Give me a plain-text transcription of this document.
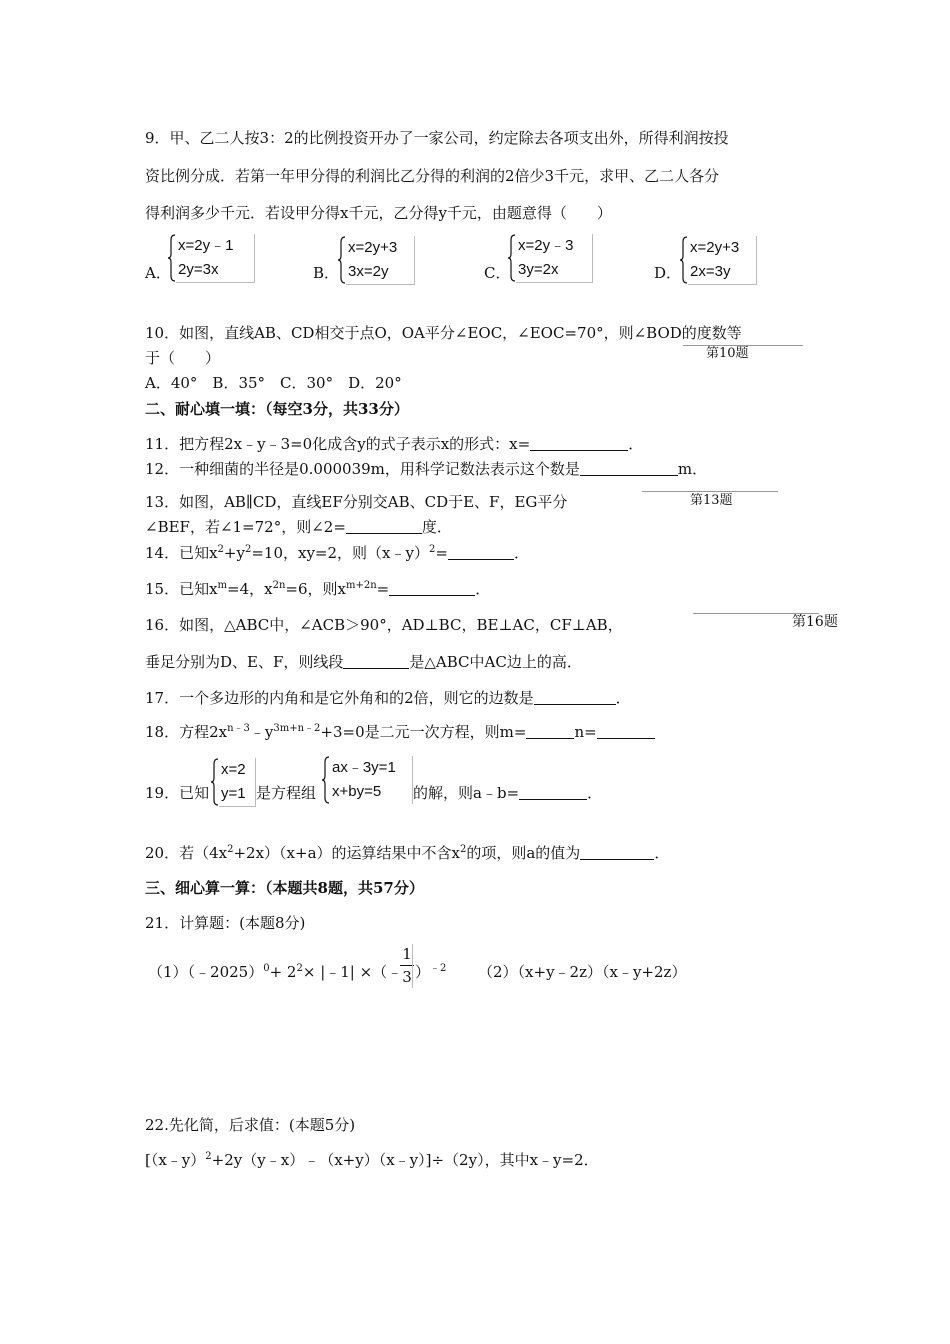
9．甲、乙二人按3：2的比例投资开办了一家公司，约定除去各项支出外，所得利润按投
资比例分成．若第一年甲分得的利润比乙分得的利润的2倍少3千元，求甲、乙二人各分
得利润多少千元．若设甲分得x千元，乙分得y千元，由题意得（　　）
A．
x=2y﹣1
2y=3x	B．
x=2y+3
3x=2y	C．
x=2y﹣3
3y=2x	D．
x=2y+3
2x=3y
10．如图，直线AB、CD相交于点O，OA平分∠EOC，∠EOC=70°，则∠BOD的度数等
第10题
于（　　）
A．40°　B．35°　C．30°　D．20°
二、耐心填一填：（每空3分，共33分）
11．把方程2x﹣y﹣3=0化成含y的式子表示x的形式：x=	．
12．一种细菌的半径是0.000039m，用科学记数法表示这个数是	m．
第13题
13．如图，AB∥CD，直线EF分别交AB、CD于E、F，EG平分
∠BEF，若∠1=72°，则∠2=	度．
14．已知$x^2+y^2=10$，xy=2，则（x﹣y）$^2$=	．
15．已知$x^m=4$，$x^{2n}=6$，则$x^{m+2n}=$	．
第16题
16．如图，△ABC中，∠ACB＞90°，AD⊥BC，BE⊥AC，CF⊥AB，
垂足分别为D、E、F，则线段	是△ABC中AC边上的高．
17．一个多边形的内角和是它外角和的2倍，则它的边数是	．
18．方程$2x^{n﹣3}﹣y^{3m+n﹣2}+3=0$是二元一次方程，则m=	n=
19．已知
x=2
y=1 是方程组
ax﹣3y=1
x+by=5 的解，则a﹣b=	．
20．若$(4x^2+2x)(x+a)$的运算结果中不含$x^2$的项，则a的值为	．
三、细心算一算：（本题共8题，共57分）
21．计算题：(本题8分)
（1）（﹣2025）$^0$+ $2^2\times$ |﹣1| ×（﹣
1
3 ）$^{﹣2}$ （2）（x+y﹣2z）（x﹣y+2z）
22.先化简，后求值：(本题5分)
[（x﹣y）$^2$+2y（y﹣x）﹣（x+y）（x﹣y）]÷（2y），其中x﹣y=2．
